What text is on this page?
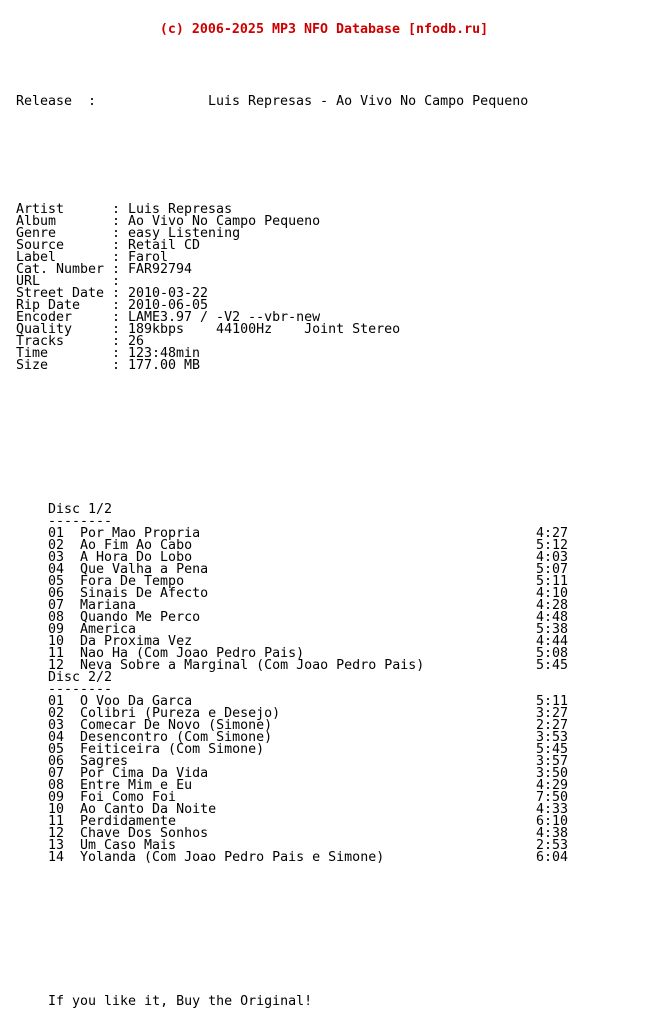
(c) 2006-2025 MP3 NFO Database [nfodb.ru]

Release  :	Luis Represas - Ao Vivo No Campo Pequeno

Artist	: Luis Represas
Album	: Ao Vivo No Campo Pequeno
Genre	: easy Listening
Source	: Retail CD
Label	: Farol
Cat. Number : FAR92794
URL	:
Street Date : 2010-03-22
Rip Date : 2010-06-05
Encoder	: LAME3.97 / -V2 --vbr-new
Quality	: 189kbps    44100Hz    Joint Stereo
Tracks	: 26
Time	: 123:48min
Size	: 177.00 MB

Disc 1/2
--------
01 Por Mao Propria	4:27
02 Ao Fim Ao Cabo	5:12
03 A Hora Do Lobo	4:03
04 Que Valha a Pena	5:07
05 Fora De Tempo	5:11
06 Sinais De Afecto	4:10
07 Mariana	4:28
08 Quando Me Perco	4:48
09 America	5:38
10 Da Proxima Vez	4:44
11 Nao Ha (Com Joao Pedro Pais)	5:08
12 Neva Sobre a Marginal (Com Joao Pedro Pais)	5:45
Disc 2/2
--------
01 O Voo Da Garca	5:11
02 Colibri (Pureza e Desejo)	3:27
03 Comecar De Novo (Simone)	2:27
04 Desencontro (Com Simone)	3:53
05 Feiticeira (Com Simone)	5:45
06 Sagres	3:57
07 Por Cima Da Vida	3:50
08 Entre Mim e Eu	4:29
09 Foi Como Foi	7:50
10 Ao Canto Da Noite	4:33
11 Perdidamente	6:10
12 Chave Dos Sonhos	4:38
13 Um Caso Mais	2:53
14 Yolanda (Com Joao Pedro Pais e Simone)	6:04

If you like it, Buy the Original!
